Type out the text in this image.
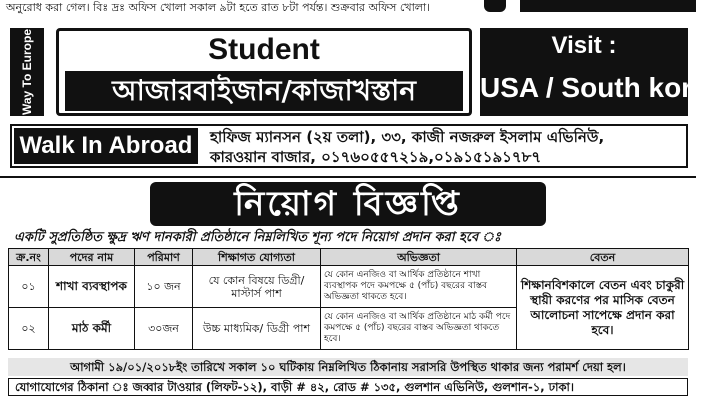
অনুরোধ করা গেল। বিঃ দ্রঃ অফিস খোলা সকাল ৯টা হতে রাত ৮টা পর্যন্ত। শুক্রবার অফিস খোলা।
Way To Europe	Student
আজারবাইজান/কাজাখস্তান
Visit :
USA / South korea
Walk In Abroad	হাফিজ ম্যানসন (২য় তলা), ৩৩, কাজী নজরুল ইসলাম এভিনিউ,
কারওয়ান বাজার, ০১৭৬০৫৫৭২১৯,০১৯১৫১৯১৭৮৭
নিয়োগ বিজ্ঞপ্তি
একটি সুপ্রতিষ্ঠিত ক্ষুদ্র ঋণ দানকারী প্রতিষ্ঠানে নিম্নলিখিত শূন্য পদে নিয়োগ প্রদান করা হবে ঃ
ক্র.নং	পদের নাম	পরিমাণ	শিক্ষাগত যোগ্যতা	অভিজ্ঞতা	বেতন
০১	শাখা ব্যবস্থাপক	১০ জন	যে কোন বিষয়ে ডিগ্রী/ মাস্টার্স পাশ	যে কোন এনজিও বা আর্থিক প্রতিষ্ঠানে শাখা ব্যবস্থাপক পদে কমপক্ষে ৫ (পাঁচ) বছরের বাস্তব অভিজ্ঞতা থাকতে হবে।	শিক্ষানবিশকালে বেতন এবং চাকুরী স্থায়ী করণের পর মাসিক বেতন আলোচনা সাপেক্ষে প্রদান করা হবে।
০২	মাঠ কর্মী	৩০জন	উচ্চ মাধ্যমিক/ ডিগ্রী পাশ	যে কোন এনজিও বা আর্থিক প্রতিষ্ঠানে মাঠ কর্মী পদে কমপক্ষে ৫ (পাঁচ) বছরের বাস্তব অভিজ্ঞতা থাকতে হবে।	
আগামী ১৯/০১/২০১৮ইং তারিখে সকাল ১০ ঘটিকায় নিম্নলিখিত ঠিকানায় সরাসরি উপস্থিত থাকার জন্য পরামর্শ দেয়া হল।
যোগাযোগের ঠিকানা ঃ জব্বার টাওয়ার (লিফট-১২), বাড়ী # ৪২, রোড # ১৩৫, গুলশান এভিনিউ, গুলশান-১, ঢাকা।
